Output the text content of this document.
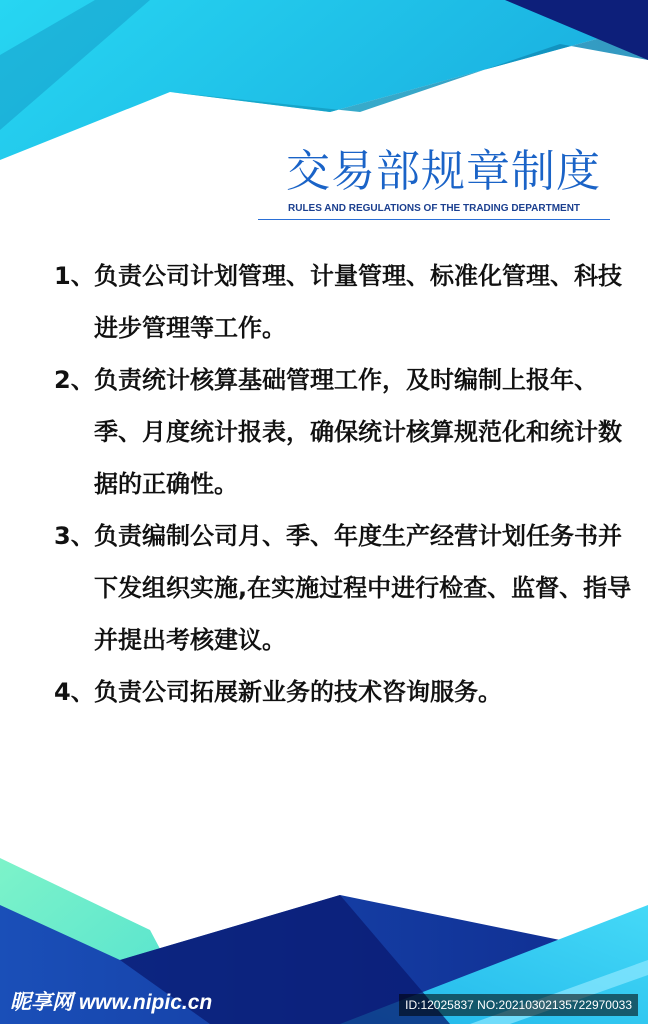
交易部规章制度
RULES AND REGULATIONS OF THE TRADING DEPARTMENT
1、 负责公司计划管理、计量管理、标准化管理、科技进步管理等工作。
2、 负责统计核算基础管理工作，及时编制上报年、季、月度统计报表，确保统计核算规范化和统计数据的正确性。
3、 负责编制公司月、季、年度生产经营计划任务书并下发组织实施,在实施过程中进行检查、监督、指导并提出考核建议。
4、 负责公司拓展新业务的技术咨询服务。
昵享网 www.nipic.cn	ID:12025837 NO:20210302135722970033
